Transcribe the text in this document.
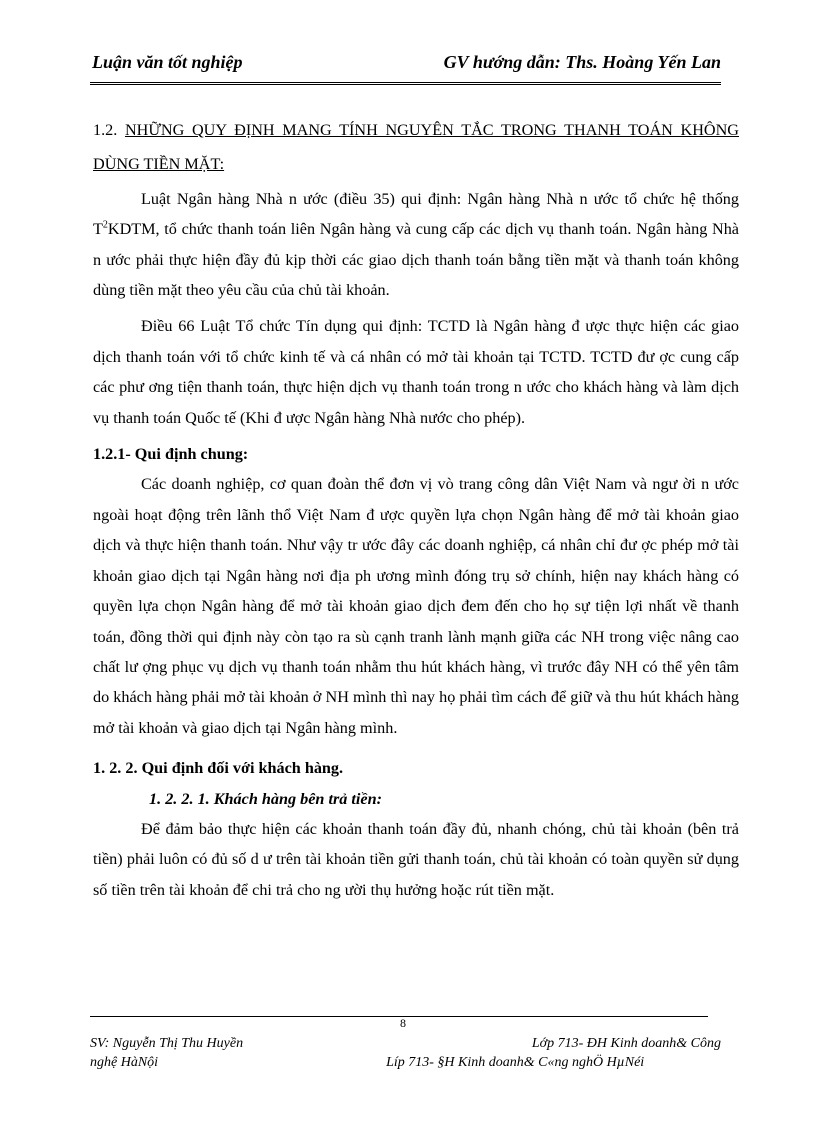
Luận văn tốt nghiệp	GV hướng dẫn: Ths. Hoàng Yến Lan
1.2. NHỮNG QUY ĐỊNH MANG TÍNH NGUYÊN TẮC TRONG THANH TOÁN KHÔNG
DÙNG TIỀN MẶT:

Luật Ngân hàng Nhà n ước (điều 35) qui định: Ngân hàng Nhà n ước tổ chức hệ thống $T^2KDTM$, tổ chức thanh toán liên Ngân hàng và cung cấp các dịch vụ thanh toán. Ngân hàng Nhà n ước phải thực hiện đầy đủ kịp thời các giao dịch thanh toán bằng tiền mặt và thanh toán không dùng tiền mặt theo yêu cầu của chủ tài khoản.

Điều 66 Luật Tổ chức Tín dụng qui định: TCTD là Ngân hàng đ ược thực hiện các giao dịch thanh toán với tổ chức kinh tế và cá nhân có mở tài khoản tại TCTD. TCTD đư ợc cung cấp các phư ơng tiện thanh toán, thực hiện dịch vụ thanh toán trong n ước cho khách hàng và làm dịch vụ thanh toán Quốc tế (Khi đ ược Ngân hàng Nhà nước cho phép).

1.2.1- Qui định chung:

Các doanh nghiệp, cơ quan đoàn thể đơn vị vò trang công dân Việt Nam và ngư ời n ước ngoài hoạt động trên lãnh thổ Việt Nam đ ược quyền lựa chọn Ngân hàng để mở tài khoản giao dịch và thực hiện thanh toán. Như vậy tr ước đây các doanh nghiệp, cá nhân chỉ đư ợc phép mở tài khoản giao dịch tại Ngân hàng nơi địa ph ương mình đóng trụ sở chính, hiện nay khách hàng có quyền lựa chọn Ngân hàng để mở tài khoản giao dịch đem đến cho họ sự tiện lợi nhất về thanh toán, đồng thời qui định này còn tạo ra sù cạnh tranh lành mạnh giữa các NH trong việc nâng cao chất lư ợng phục vụ dịch vụ thanh toán nhằm thu hút khách hàng, vì trước đây NH có thể yên tâm do khách hàng phải mở tài khoản ở NH mình thì nay họ phải tìm cách để giữ và thu hút khách hàng mở tài khoản và giao dịch tại Ngân hàng mình.

1. 2. 2. Qui định đối với khách hàng.

1. 2. 2. 1. Khách hàng bên trả tiền:

Để đảm bảo thực hiện các khoản thanh toán đầy đủ, nhanh chóng, chủ tài khoản (bên trả tiền) phải luôn có đủ số d ư trên tài khoản tiền gửi thanh toán, chủ tài khoản có toàn quyền sử dụng số tiền trên tài khoản để chi trả cho ng ười thụ hưởng hoặc rút tiền mặt.

8
SV: Nguyễn Thị Thu Huyền	Lớp 713- ĐH Kinh doanh& Công
nghệ HàNội	Líp 713- §H Kinh doanh& C«ng nghÖ HµNéi
